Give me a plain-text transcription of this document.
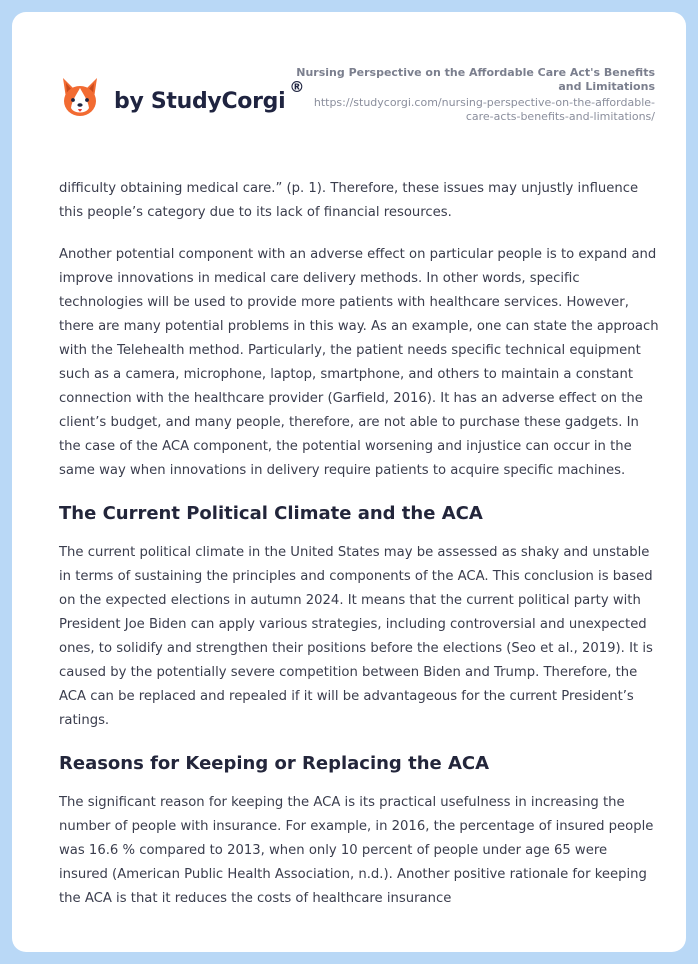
by StudyCorgi
®
Nursing Perspective on the Affordable Care Act's Benefits and Limitations
https://studycorgi.com/nursing-perspective-on-the-affordable-care-acts-benefits-and-limitations/

difficulty obtaining medical care.” (p. 1). Therefore, these issues may unjustly influence this people’s category due to its lack of financial resources.

Another potential component with an adverse effect on particular people is to expand and improve innovations in medical care delivery methods. In other words, specific technologies will be used to provide more patients with healthcare services. However, there are many potential problems in this way. As an example, one can state the approach with the Telehealth method. Particularly, the patient needs specific technical equipment such as a camera, microphone, laptop, smartphone, and others to maintain a constant connection with the healthcare provider (Garfield, 2016). It has an adverse effect on the client’s budget, and many people, therefore, are not able to purchase these gadgets. In the case of the ACA component, the potential worsening and injustice can occur in the same way when innovations in delivery require patients to acquire specific machines.

The Current Political Climate and the ACA

The current political climate in the United States may be assessed as shaky and unstable in terms of sustaining the principles and components of the ACA. This conclusion is based on the expected elections in autumn 2024. It means that the current political party with President Joe Biden can apply various strategies, including controversial and unexpected ones, to solidify and strengthen their positions before the elections (Seo et al., 2019). It is caused by the potentially severe competition between Biden and Trump. Therefore, the ACA can be replaced and repealed if it will be advantageous for the current President’s ratings.

Reasons for Keeping or Replacing the ACA

The significant reason for keeping the ACA is its practical usefulness in increasing the number of people with insurance. For example, in 2016, the percentage of insured people was 16.6 % compared to 2013, when only 10 percent of people under age 65 were insured (American Public Health Association, n.d.). Another positive rationale for keeping the ACA is that it reduces the costs of healthcare insurance
